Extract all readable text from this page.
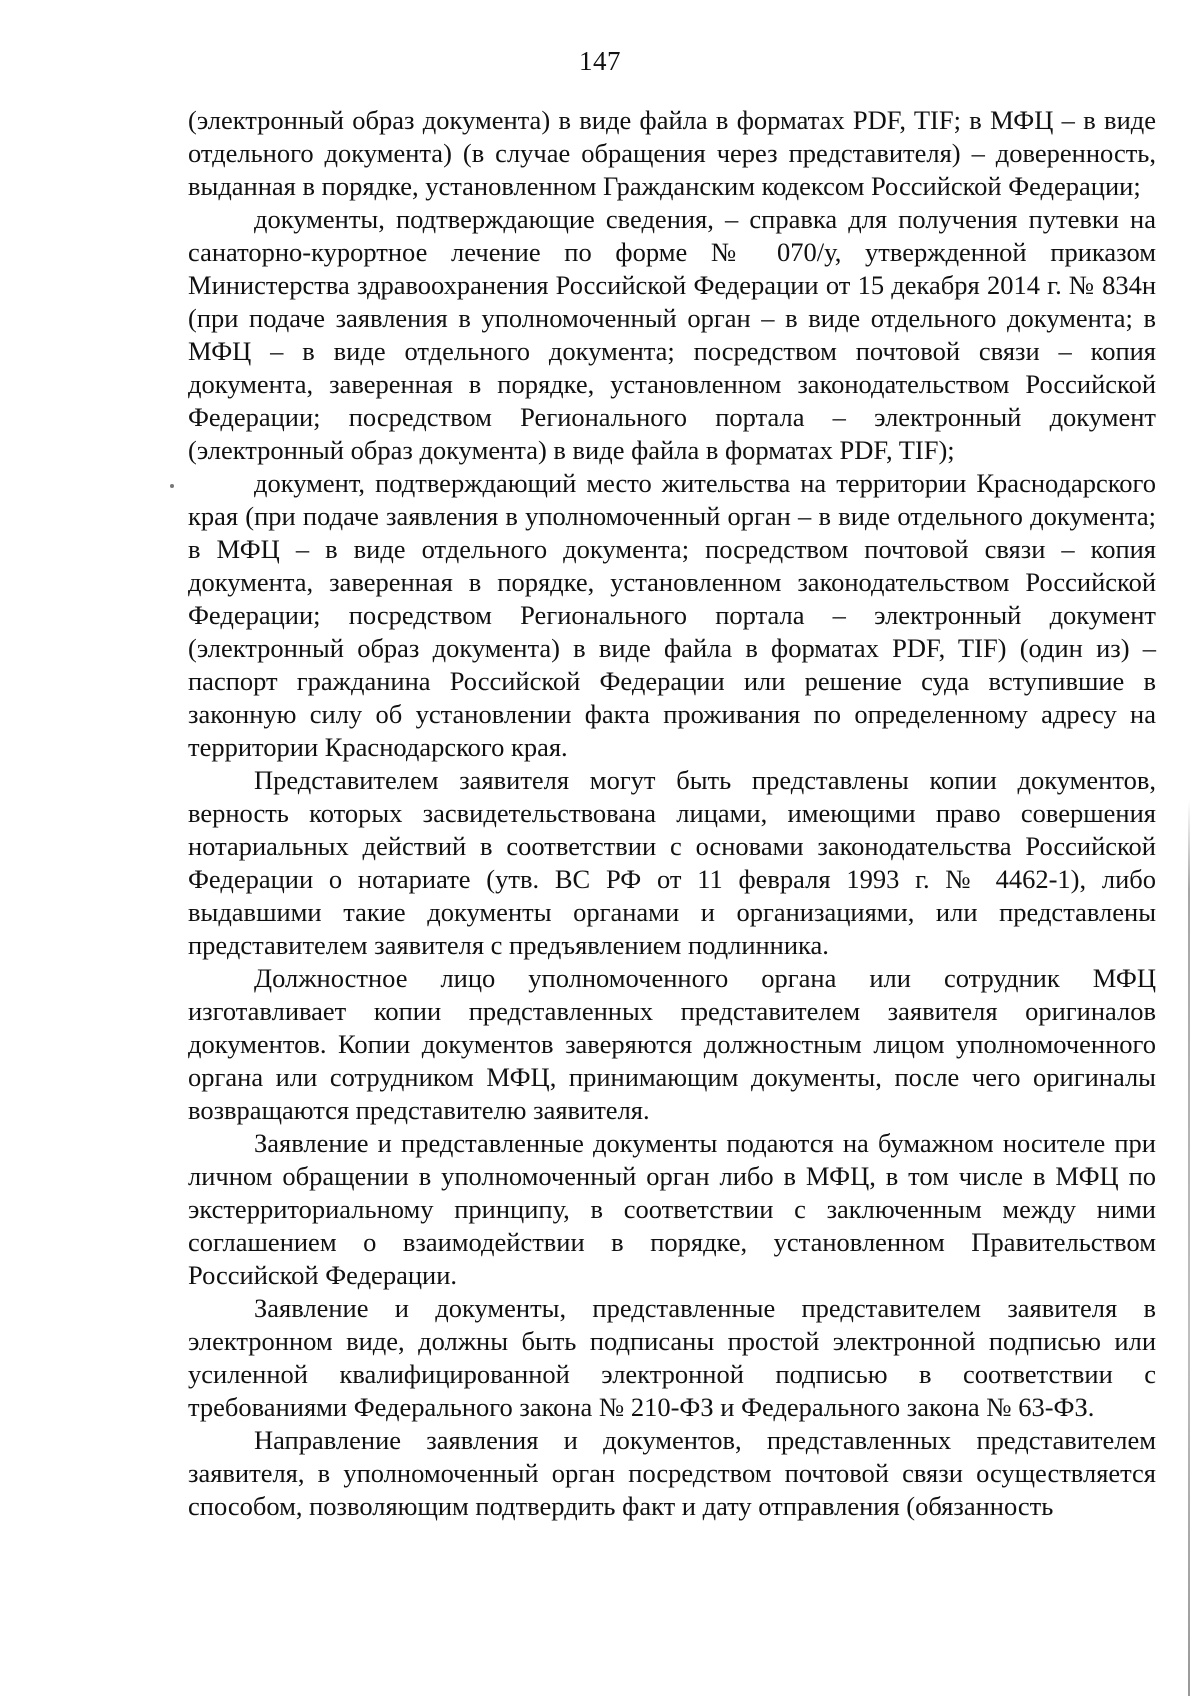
147

(электронный образ документа) в виде файла в форматах PDF, TIF; в МФЦ – в виде отдельного документа) (в случае обращения через представителя) – доверенность, выданная в порядке, установленном Гражданским кодексом Российской Федерации;

документы, подтверждающие сведения, – справка для получения путевки на санаторно-курортное лечение по форме № 070/у, утвержденной приказом Министерства здравоохранения Российской Федерации от 15 декабря 2014 г. № 834н (при подаче заявления в уполномоченный орган – в виде отдельного документа; в МФЦ – в виде отдельного документа; посредством почтовой связи – копия документа, заверенная в порядке, установленном законодательством Российской Федерации; посредством Регионального портала – электронный документ (электронный образ документа) в виде файла в форматах PDF, TIF);

документ, подтверждающий место жительства на территории Краснодарского края (при подаче заявления в уполномоченный орган – в виде отдельного документа; в МФЦ – в виде отдельного документа; посредством почтовой связи – копия документа, заверенная в порядке, установленном законодательством Российской Федерации; посредством Регионального портала – электронный документ (электронный образ документа) в виде файла в форматах PDF, TIF) (один из) – паспорт гражданина Российской Федерации или решение суда вступившие в законную силу об установлении факта проживания по определенному адресу на территории Краснодарского края.

Представителем заявителя могут быть представлены копии документов, верность которых засвидетельствована лицами, имеющими право совершения нотариальных действий в соответствии с основами законодательства Российской Федерации о нотариате (утв. ВС РФ от 11 февраля 1993 г. № 4462-1), либо выдавшими такие документы органами и организациями, или представлены представителем заявителя с предъявлением подлинника.

Должностное лицо уполномоченного органа или сотрудник МФЦ изготавливает копии представленных представителем заявителя оригиналов документов. Копии документов заверяются должностным лицом уполномоченного органа или сотрудником МФЦ, принимающим документы, после чего оригиналы возвращаются представителю заявителя.

Заявление и представленные документы подаются на бумажном носителе при личном обращении в уполномоченный орган либо в МФЦ, в том числе в МФЦ по экстерриториальному принципу, в соответствии с заключенным между ними соглашением о взаимодействии в порядке, установленном Правительством Российской Федерации.

Заявление и документы, представленные представителем заявителя в электронном виде, должны быть подписаны простой электронной подписью или усиленной квалифицированной электронной подписью в соответствии с требованиями Федерального закона № 210-ФЗ и Федерального закона № 63-ФЗ.

Направление заявления и документов, представленных представителем заявителя, в уполномоченный орган посредством почтовой связи осуществляется способом, позволяющим подтвердить факт и дату отправления (обязанность
